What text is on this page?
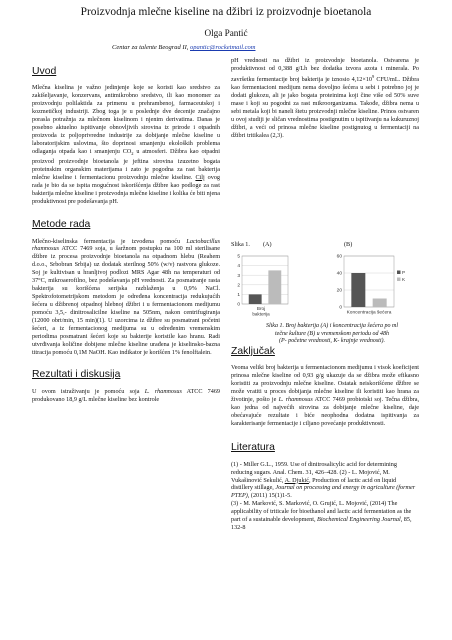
Proizvodnja mlečne kiseline na džibri iz proizvodnje bioetanola
Olga Pantić
Centar za talente Beograd II, opantic@rocketmail.com
Uvod

Mlečna kiselina je važno jedinjenje koje se koristi kao sredstvo za zakišeljavanje, konzervans, antimikrobno sredstvo, ili kao monomer za proizvodnju polilaktida za primenu u prehrambenoj, farmaceutskoj i kozmetičkoj industriji. Zbog toga je u poslednje dve decenije značajno porasla potražnja za mlečnom kiselinom i njenim derivatima. Danas je posebno aktuelno ispitivanje obnovljivih sirovina iz prirode i otpadnih proizvoda iz poljoprivredne industrije za dobijanje mlečne kiseline u laboratorijskim uslovima, što doprinosi smanjenju ekoloških problema odlaganja otpada kao i smanjenju $CO_2$ u atmosferi. Džibra kao otpadni proizvod proizvodnje bioetanola je jeftina sirovina izuzetno bogata proteinskim organskim materijama i zato je pogodna za rast bakterija mlečne kiseline i fermentacionu proizvodnju mlečne kiseline. Cilj ovog rada je bio da se ispita mogućnost iskorišćenja džibre kao podloge za rast bakterija mlečne kiseline i proizvodnja mlečne kiseline i kolika će biti njena produktivnost pre podešavanja pH.

Metode rada

Mlečno-kiselinska fermentacija je izvođena pomoću Lactobacillus rhamnosus ATCC 7469 soja, u šaržnom postupku na 100 ml sterilisane džibre iz procesa proizvodnje bioetanola na otpadnom hlebu (Reahem d.o.o., Srbobran Srbija) uz dodatak sterilnog 50% (w/v) rastvora glukoze. Soj je kultivisan u hranljivoj podlozi MRS Agar 48h na temperaturi od 37°C, mikroaerofilno, bez podešavanja pH vrednosti. Za posmatranje rasta bakterija su korišćena serijska razblaženja u 0,9% NaCl. Spektrofotometrijskom metodom je određena koncentracija redukujućih šećera u džibrenoj otpadnoj hlebnoj džibri i u fermentacionom medijumu pomoću 3,5,- dinitrosalicilne kiseline na 505nm, nakon centrifugiranja (12000 obrt/min, 15 min)(1). U uzorcima iz džibre su posmatrani početni šećeri, a iz fermentacionog medijuma su u određenim vremenskim periodima posmatrani šećeri koje su bakterije koristile kao hranu. Radi utvrđivanja količine dobijene mlečne kiseline urađena je kiselinsko-bazna titracija pomoću 0,1M NaOH. Kao indikator je korišćen 1% fenolftalein.

Rezultati i diskusija

U ovom istraživanju je pomoću soja L. rhamnosus ATCC 7469 produkovano 18,9 g/L mlečne kiseline bez kontrole

pH vrednosti na džibri iz proizvodnje bioetanola. Ostvarena je produktivnost od 0,388 g/Lh bez dodatka izvora azota i minerala. Po završetku fermentacije broj bakterija je iznosio $4,12\times 10^9$ CFU/mL. Džibra kao fermentacioni medijum nema dovoljno šećera u sebi i potrebno joj je dodati glukozu, ali je jako bogata proteinima koji čine više od 50% suve mase i koji su pogodni za rast mikroorganizama. Takođe, džibra nema u sebi metala koji bi naneli štetu proizvodnji mlečne kiseline. Prinos ostvaren u ovoj studiji je sličan vrednostima postignutim u ispitivanju na kukuruznoj džibri, a veći od prinosa mlečne kiseline postignutog u fermentaciji na džibri tritikalea (2,3).

Slika 1. (A)	(B)
0
1
2
3
4
5
Broj
bakterija
0
20
40
60
Koncentracija šećera
P
K
Slika 1. Broj bakterija (A) i koncentracija šećera po ml
tečne kulture (B) u vremenskom periodu od 48h
(P- početne vrednosti, K- krajnje vrednosti).
Zaključak

Veoma veliki broj bakterija u fermentacionom medijumu i visok koeficijent prinosa mlečne kiseline od 0,93 g/g ukazuje da se džibra može efikasno koristiti za proizvodnju mlečne kiseline. Ostatak neiskorišćene džibre se može vratiti u proces dobijanja mlečne kiseline ili koristiti kao hrana za životinje, pošto je L. rhamnosus ATCC 7469 probiotski soj. Tečna džibra, kao jedna od najvećih sirovina za dobijanje mlečne kiseline, daje obećavajuće rezultate i biće neophodna dodatna ispitivanja za karakterisanje fermentacije i ciljano povećanje produktivnosti.

Literatura

(1) - Miller G.L., 1959. Use of dinitrosalicylic acid for determining reducing sugars. Anal. Chem. 31, 426–428. (2) - L. Mojović, M. Vukašinović Sekulić, A. Djukić, Production of lactic acid on liquid distillery stillage, Journal on processing and energy in agriculture (former PTEP), (2011) 15(1)1-5.

(3) - M. Marković, S. Marković, O. Grujić, L. Mojović, (2014) The applicability of triticale for bioethanol and lactic acid fermentation as the part of a sustainable development, Biochemical Engineering Journal, 85, 132-8
